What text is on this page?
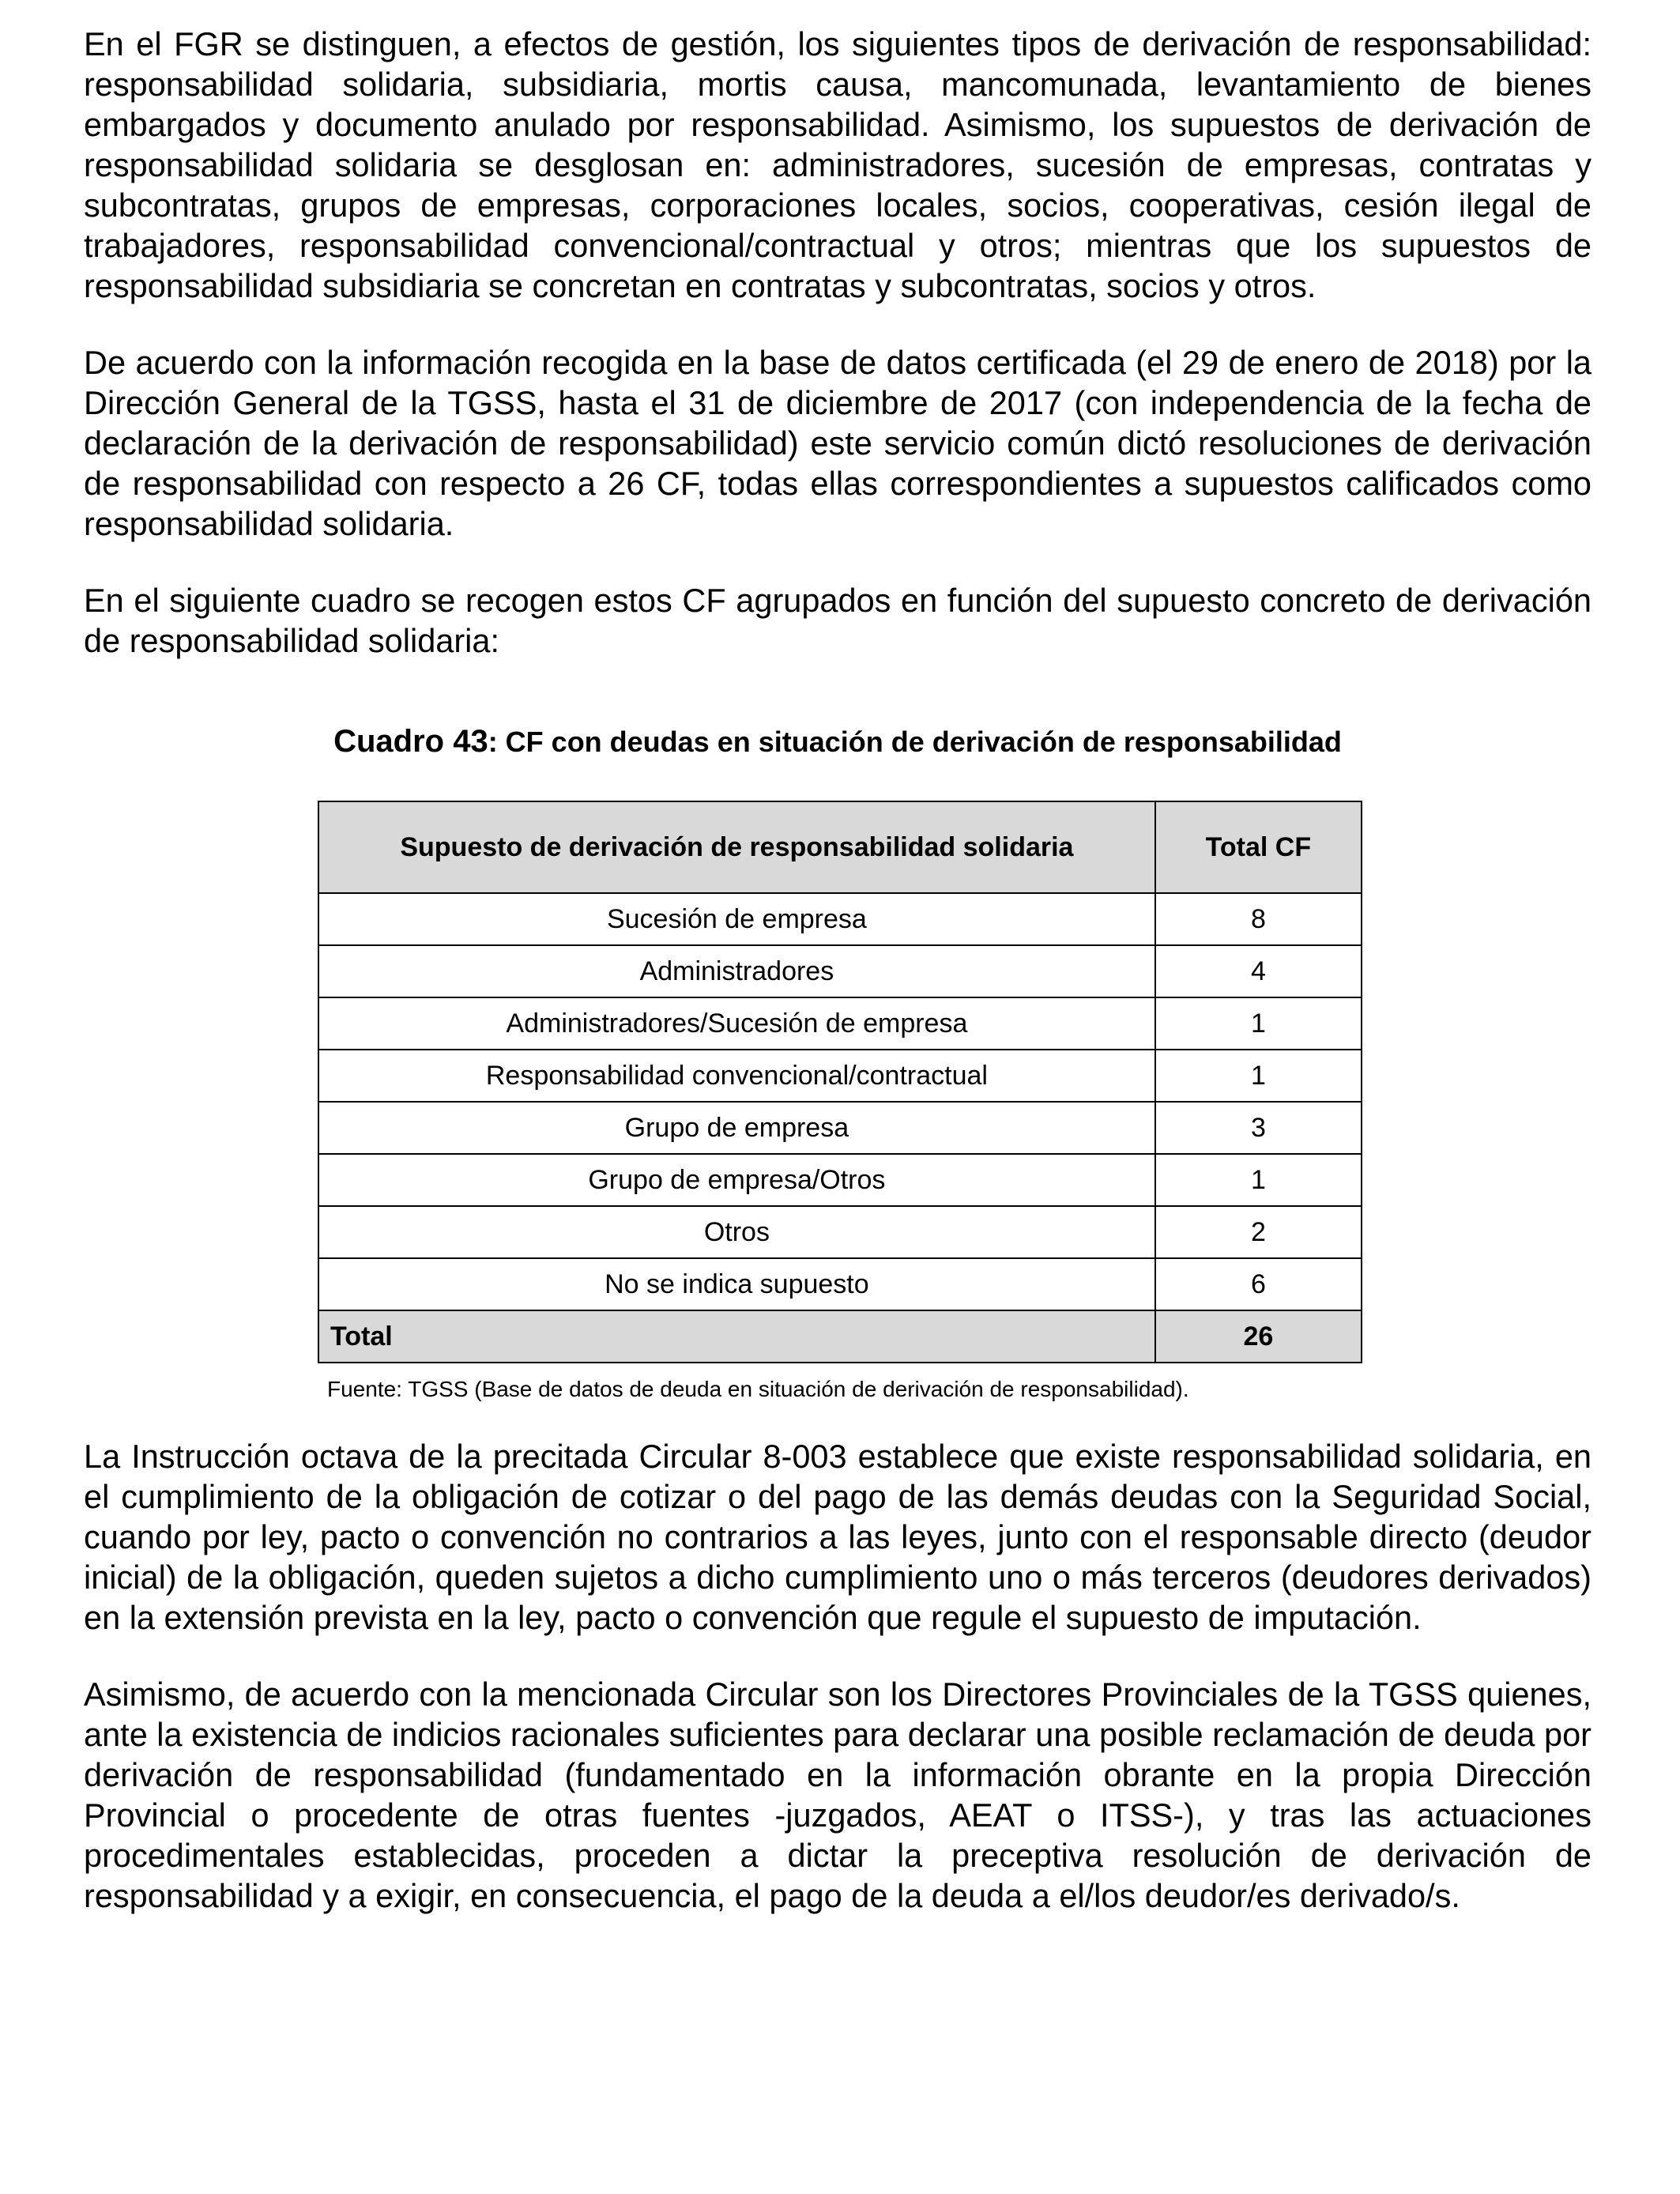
En el FGR se distinguen, a efectos de gestión, los siguientes tipos de derivación de responsabilidad: responsabilidad solidaria, subsidiaria, mortis causa, mancomunada, levantamiento de bienes embargados y documento anulado por responsabilidad. Asimismo, los supuestos de derivación de responsabilidad solidaria se desglosan en: administradores, sucesión de empresas, contratas y subcontratas, grupos de empresas, corporaciones locales, socios, cooperativas, cesión ilegal de trabajadores, responsabilidad convencional/contractual y otros; mientras que los supuestos de responsabilidad subsidiaria se concretan en contratas y subcontratas, socios y otros.

De acuerdo con la información recogida en la base de datos certificada (el 29 de enero de 2018) por la Dirección General de la TGSS, hasta el 31 de diciembre de 2017 (con independencia de la fecha de declaración de la derivación de responsabilidad) este servicio común dictó resoluciones de derivación de responsabilidad con respecto a 26 CF, todas ellas correspondientes a supuestos calificados como responsabilidad solidaria.

En el siguiente cuadro se recogen estos CF agrupados en función del supuesto concreto de derivación de responsabilidad solidaria:

Cuadro 43: CF con deudas en situación de derivación de responsabilidad
Supuesto de derivación de responsabilidad solidaria	Total CF
Sucesión de empresa	8
Administradores	4
Administradores/Sucesión de empresa	1
Responsabilidad convencional/contractual	1
Grupo de empresa	3
Grupo de empresa/Otros	1
Otros	2
No se indica supuesto	6
Total	26
Fuente: TGSS (Base de datos de deuda en situación de derivación de responsabilidad).

La Instrucción octava de la precitada Circular 8-003 establece que existe responsabilidad solidaria, en el cumplimiento de la obligación de cotizar o del pago de las demás deudas con la Seguridad Social, cuando por ley, pacto o convención no contrarios a las leyes, junto con el responsable directo (deudor inicial) de la obligación, queden sujetos a dicho cumplimiento uno o más terceros (deudores derivados) en la extensión prevista en la ley, pacto o convención que regule el supuesto de imputación.

Asimismo, de acuerdo con la mencionada Circular son los Directores Provinciales de la TGSS quienes, ante la existencia de indicios racionales suficientes para declarar una posible reclamación de deuda por derivación de responsabilidad (fundamentado en la información obrante en la propia Dirección Provincial o procedente de otras fuentes -juzgados, AEAT o ITSS-), y tras las actuaciones procedimentales establecidas, proceden a dictar la preceptiva resolución de derivación de responsabilidad y a exigir, en consecuencia, el pago de la deuda a el/los deudor/es derivado/s.
